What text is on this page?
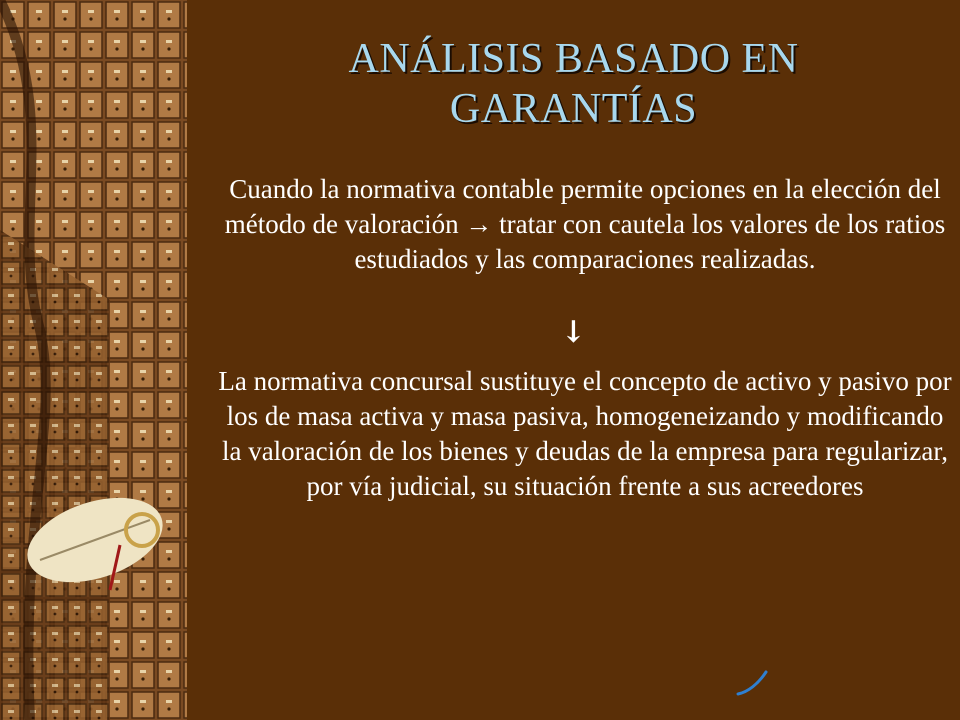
ANÁLISIS BASADO EN
GARANTÍAS
Cuando la normativa contable permite opciones en la elección del método de valoración → tratar con cautela los valores de los ratios estudiados y las comparaciones realizadas.
↓
La normativa concursal sustituye el concepto de activo y pasivo por los de masa activa y masa pasiva, homogeneizando y modificando la valoración de los bienes y deudas de la empresa para regularizar, por vía judicial, su situación frente a sus acreedores
